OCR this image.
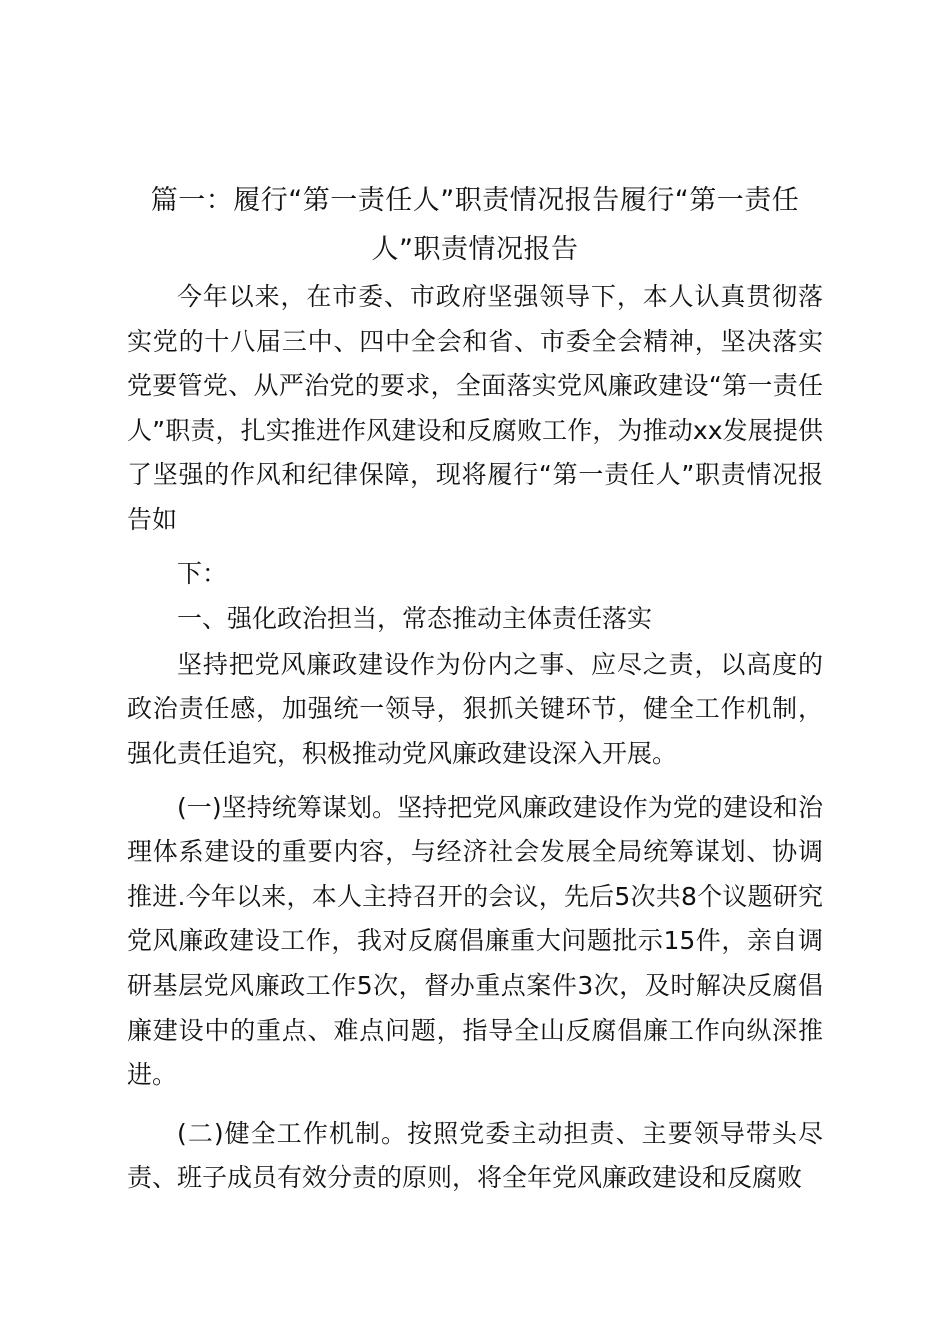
篇一：履行“第一责任人”职责情况报告履行“第一责任人”职责情况报告

今年以来，在市委、市政府坚强领导下，本人认真贯彻落实党的十八届三中、四中全会和省、市委全会精神，坚决落实党要管党、从严治党的要求，全面落实党风廉政建设“第一责任人”职责，扎实推进作风建设和反腐败工作，为推动xx发展提供了坚强的作风和纪律保障，现将履行“第一责任人”职责情况报告如

下：

一、强化政治担当，常态推动主体责任落实

坚持把党风廉政建设作为份内之事、应尽之责，以高度的政治责任感，加强统一领导，狠抓关键环节，健全工作机制，强化责任追究，积极推动党风廉政建设深入开展。

(一)坚持统筹谋划。坚持把党风廉政建设作为党的建设和治理体系建设的重要内容，与经济社会发展全局统筹谋划、协调推进.今年以来，本人主持召开的会议，先后5次共8个议题研究党风廉政建设工作，我对反腐倡廉重大问题批示15件，亲自调研基层党风廉政工作5次，督办重点案件3次，及时解决反腐倡廉建设中的重点、难点问题，指导全山反腐倡廉工作向纵深推进。

(二)健全工作机制。按照党委主动担责、主要领导带头尽责、班子成员有效分责的原则，将全年党风廉政建设和反腐败
